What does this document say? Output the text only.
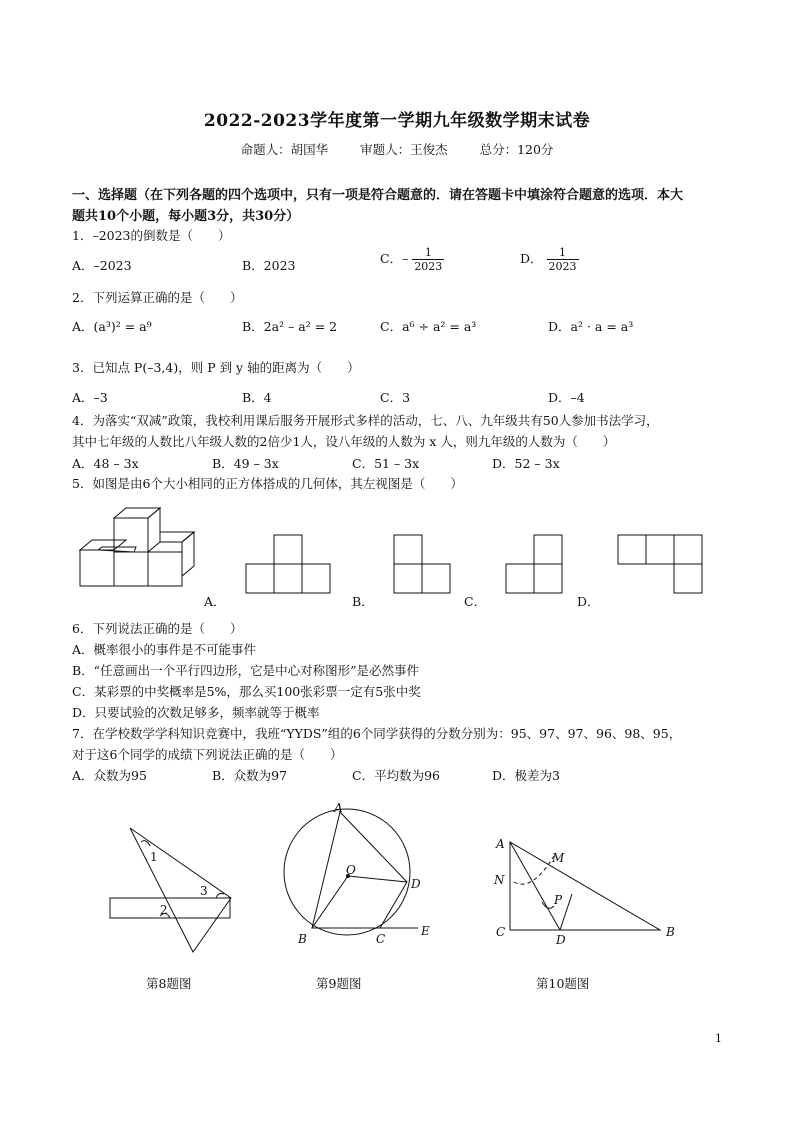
2022-2023学年度第一学期九年级数学期末试卷
命题人：胡国华	审题人：王俊杰	总分：120分
一、选择题（在下列各题的四个选项中，只有一项是符合题意的．请在答题卡中填涂符合题意的选项．本大
题共10个小题，每小题3分，共30分）
1．–2023的倒数是（　　）
A．–2023	B．2023	C．– $\frac{1}{2023}$	D． $\frac{1}{2023}$
2．下列运算正确的是（　　）
A．(a³)² = a⁹	B．2a² – a² = 2	C．a⁶ ÷ a² = a³	D．a² · a = a³
3．已知点 P(–3,4)，则 P 到 y 轴的距离为（　　）
A．–3	B．4	C．3	D．–4
4．为落实“双减”政策，我校利用课后服务开展形式多样的活动，七、八、九年级共有50人参加书法学习，
其中七年级的人数比八年级人数的2倍少1人，设八年级的人数为 x 人，则九年级的人数为（　　）
A．48 – 3x	B．49 – 3x	C．51 – 3x	D．52 – 3x
5．如图是由6个大小相同的正方体搭成的几何体，其左视图是（　　）
A．	B．	C．	D．
6．下列说法正确的是（　　）
A．概率很小的事件是不可能事件
B．“任意画出一个平行四边形，它是中心对称图形”是必然事件
C．某彩票的中奖概率是5%，那么买100张彩票一定有5张中奖
D．只要试验的次数足够多，频率就等于概率
7．在学校数学学科知识竞赛中，我班“YYDS”组的6个同学获得的分数分别为：95、97、97、96、98、95，
对于这6个同学的成绩下列说法正确的是（　　）
A．众数为95	B．众数为97	C．平均数为96	D．极差为3
1
2
3
第8题图
A
O
D
B	C
E
第9题图
A
M
N
P
C
D
B
第10题图
1
